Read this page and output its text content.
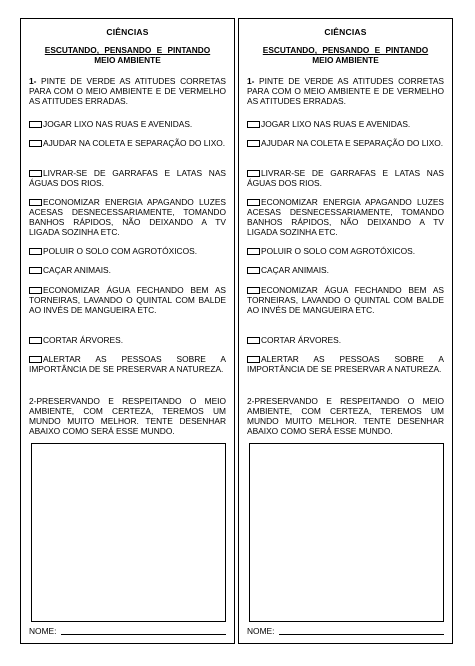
CIÊNCIAS
ESCUTANDO, PENSANDO E PINTANDO
MEIO AMBIENTE
1- PINTE DE VERDE AS ATITUDES CORRETAS PARA COM O MEIO AMBIENTE E DE VERMELHO AS ATITUDES ERRADAS.
JOGAR LIXO NAS RUAS E AVENIDAS.
AJUDAR NA COLETA E SEPARAÇÃO DO LIXO.
LIVRAR-SE DE GARRAFAS E LATAS NAS ÁGUAS DOS RIOS.
ECONOMIZAR ENERGIA APAGANDO LUZES ACESAS DESNECESSARIAMENTE, TOMANDO BANHOS RÁPIDOS, NÃO DEIXANDO A TV LIGADA SOZINHA ETC.
POLUIR O SOLO COM AGROTÓXICOS.
CAÇAR ANIMAIS.
ECONOMIZAR ÁGUA FECHANDO BEM AS TORNEIRAS, LAVANDO O QUINTAL COM BALDE AO INVÉS DE MANGUEIRA ETC.
CORTAR ÁRVORES.
ALERTAR AS PESSOAS SOBRE A IMPORTÂNCIA DE SE PRESERVAR A NATUREZA.
2-PRESERVANDO E RESPEITANDO O MEIO AMBIENTE, COM CERTEZA, TEREMOS UM MUNDO MUITO MELHOR. TENTE DESENHAR ABAIXO COMO SERÁ ESSE MUNDO.
NOME:
CIÊNCIAS
ESCUTANDO, PENSANDO E PINTANDO
MEIO AMBIENTE
1- PINTE DE VERDE AS ATITUDES CORRETAS PARA COM O MEIO AMBIENTE E DE VERMELHO AS ATITUDES ERRADAS.
JOGAR LIXO NAS RUAS E AVENIDAS.
AJUDAR NA COLETA E SEPARAÇÃO DO LIXO.
LIVRAR-SE DE GARRAFAS E LATAS NAS ÁGUAS DOS RIOS.
ECONOMIZAR ENERGIA APAGANDO LUZES ACESAS DESNECESSARIAMENTE, TOMANDO BANHOS RÁPIDOS, NÃO DEIXANDO A TV LIGADA SOZINHA ETC.
POLUIR O SOLO COM AGROTÓXICOS.
CAÇAR ANIMAIS.
ECONOMIZAR ÁGUA FECHANDO BEM AS TORNEIRAS, LAVANDO O QUINTAL COM BALDE AO INVÉS DE MANGUEIRA ETC.
CORTAR ÁRVORES.
ALERTAR AS PESSOAS SOBRE A IMPORTÂNCIA DE SE PRESERVAR A NATUREZA.
2-PRESERVANDO E RESPEITANDO O MEIO AMBIENTE, COM CERTEZA, TEREMOS UM MUNDO MUITO MELHOR. TENTE DESENHAR ABAIXO COMO SERÁ ESSE MUNDO.
NOME:
